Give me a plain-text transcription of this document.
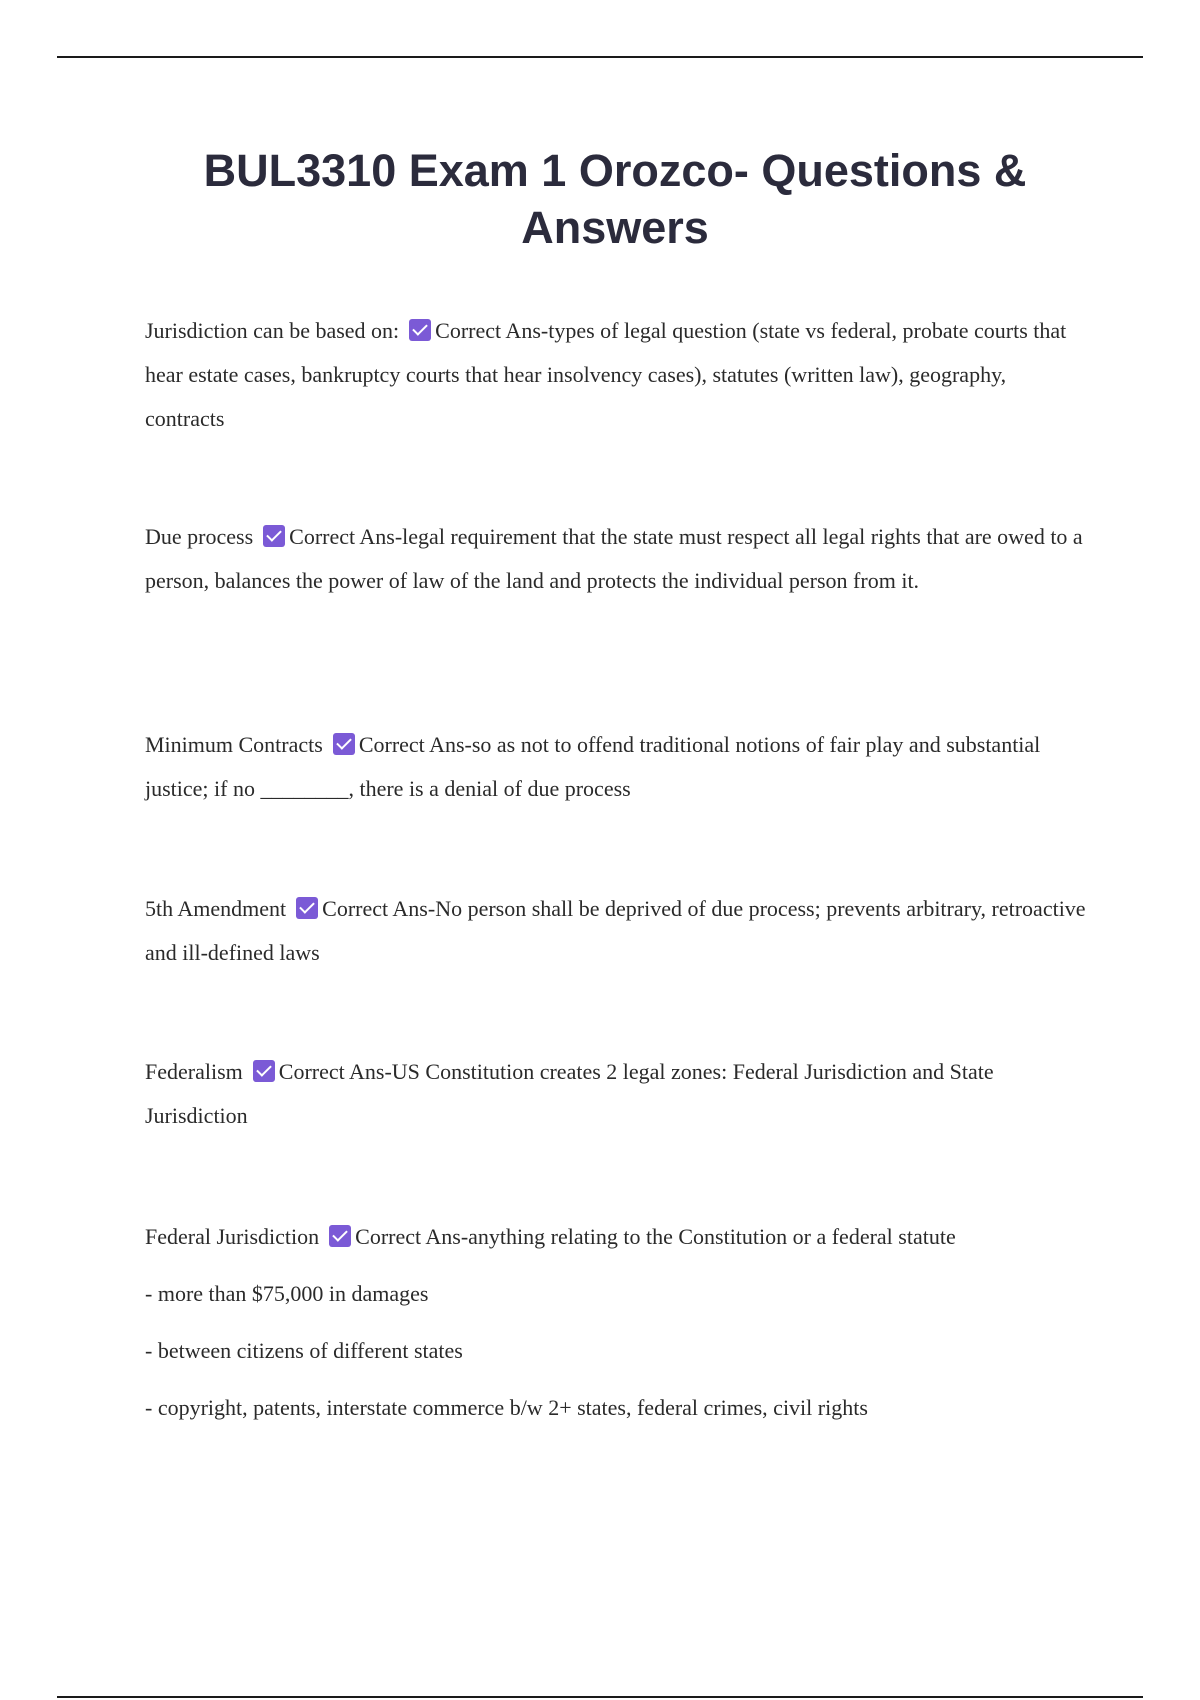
BUL3310 Exam 1 Orozco- Questions & Answers

Jurisdiction can be based on: Correct Ans-types of legal question (state vs federal, probate courts that hear estate cases, bankruptcy courts that hear insolvency cases), statutes (written law), geography, contracts

Due process Correct Ans-legal requirement that the state must respect all legal rights that are owed to a person, balances the power of law of the land and protects the individual person from it.

Minimum Contracts Correct Ans-so as not to offend traditional notions of fair play and substantial justice; if no ________, there is a denial of due process

5th Amendment Correct Ans-No person shall be deprived of due process; prevents arbitrary, retroactive and ill-defined laws

Federalism Correct Ans-US Constitution creates 2 legal zones: Federal Jurisdiction and State Jurisdiction

Federal Jurisdiction Correct Ans-anything relating to the Constitution or a federal statute

- more than $75,000 in damages

- between citizens of different states

- copyright, patents, interstate commerce b/w 2+ states, federal crimes, civil rights
